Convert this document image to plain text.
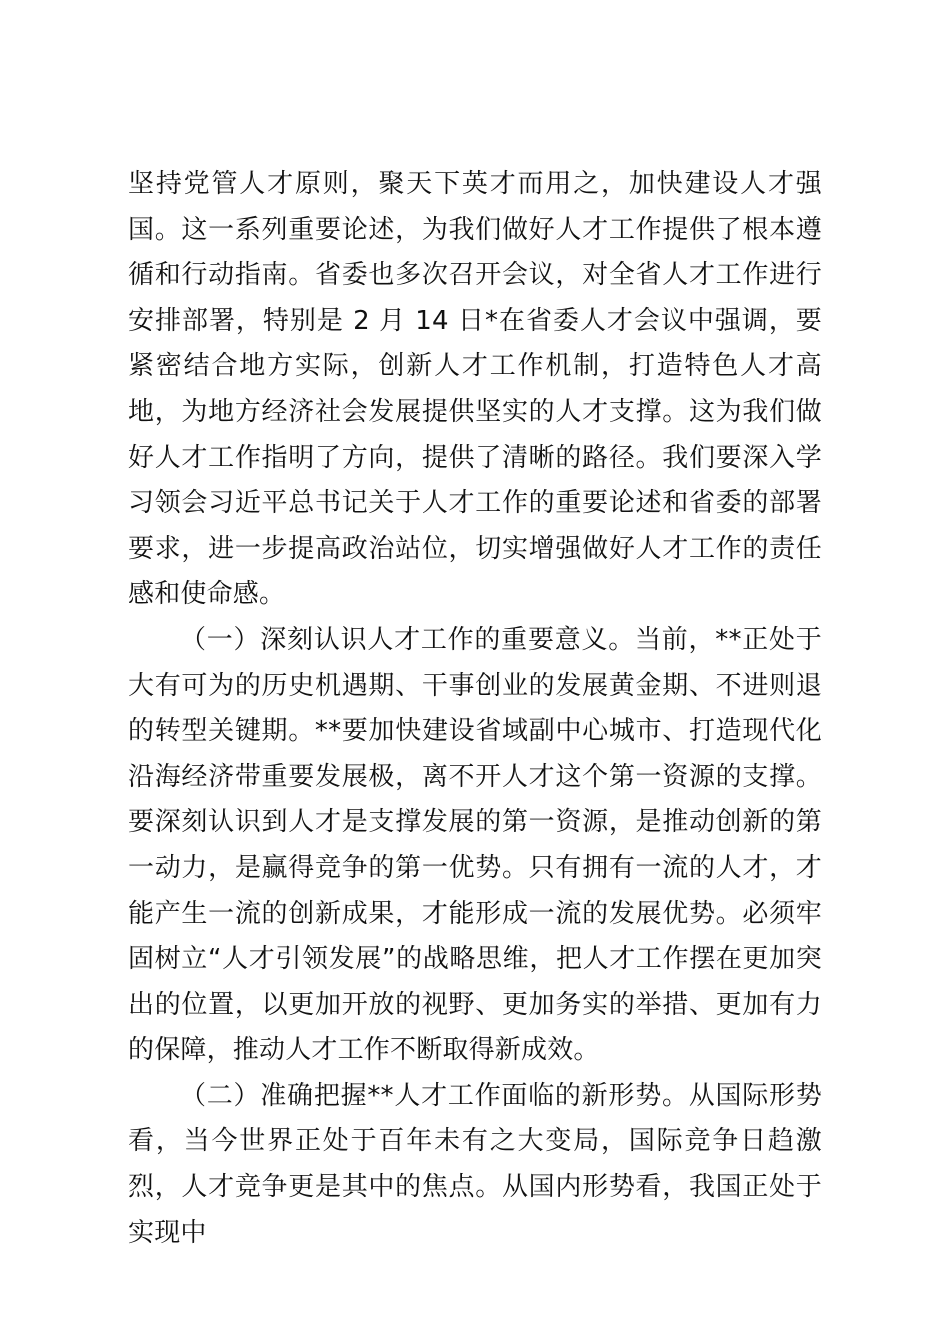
坚持党管人才原则，聚天下英才而用之，加快建设人才强国。这一系列重要论述，为我们做好人才工作提供了根本遵循和行动指南。省委也多次召开会议，对全省人才工作进行安排部署，特别是 2 月 14 日*在省委人才会议中强调，要紧密结合地方实际，创新人才工作机制，打造特色人才高地，为地方经济社会发展提供坚实的人才支撑。这为我们做好人才工作指明了方向，提供了清晰的路径。我们要深入学习领会习近平总书记关于人才工作的重要论述和省委的部署要求，进一步提高政治站位，切实增强做好人才工作的责任感和使命感。

（一）深刻认识人才工作的重要意义。当前，**正处于大有可为的历史机遇期、干事创业的发展黄金期、不进则退的转型关键期。**要加快建设省域副中心城市、打造现代化沿海经济带重要发展极，离不开人才这个第一资源的支撑。要深刻认识到人才是支撑发展的第一资源，是推动创新的第一动力，是赢得竞争的第一优势。只有拥有一流的人才，才能产生一流的创新成果，才能形成一流的发展优势。必须牢固树立“人才引领发展”的战略思维，把人才工作摆在更加突出的位置，以更加开放的视野、更加务实的举措、更加有力的保障，推动人才工作不断取得新成效。

（二）准确把握**人才工作面临的新形势。从国际形势看，当今世界正处于百年未有之大变局，国际竞争日趋激烈，人才竞争更是其中的焦点。从国内形势看，我国正处于实现中
